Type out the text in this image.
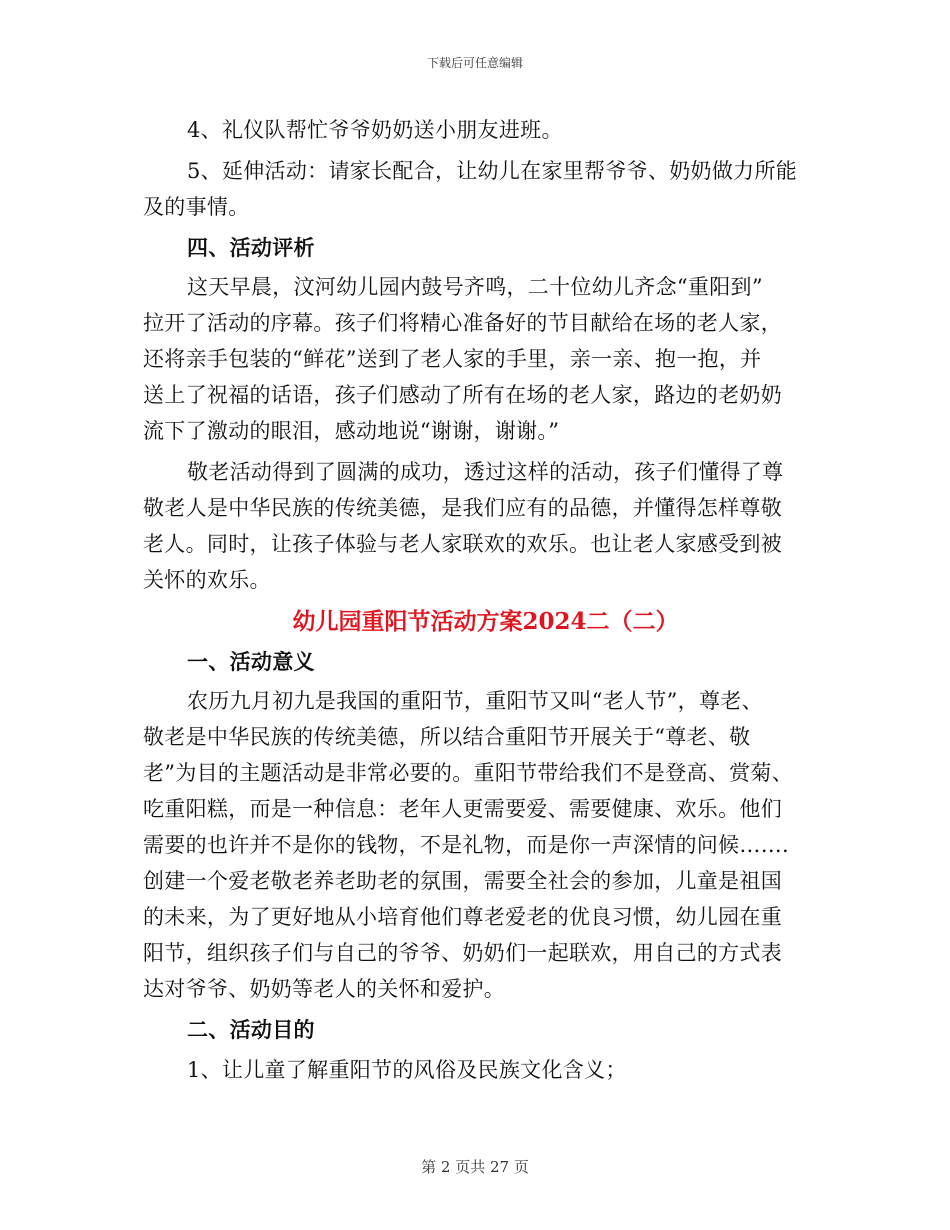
下载后可任意编辑

4、礼仪队帮忙爷爷奶奶送小朋友进班。

5、延伸活动：请家长配合，让幼儿在家里帮爷爷、奶奶做力所能

及的事情。

四、活动评析

这天早晨，汶河幼儿园内鼓号齐鸣，二十位幼儿齐念“重阳到”

拉开了活动的序幕。孩子们将精心准备好的节目献给在场的老人家，

还将亲手包装的“鲜花”送到了老人家的手里，亲一亲、抱一抱，并

送上了祝福的话语，孩子们感动了所有在场的老人家，路边的老奶奶

流下了激动的眼泪，感动地说“谢谢，谢谢。”

敬老活动得到了圆满的成功，透过这样的活动，孩子们懂得了尊

敬老人是中华民族的传统美德，是我们应有的品德，并懂得怎样尊敬

老人。同时，让孩子体验与老人家联欢的欢乐。也让老人家感受到被

关怀的欢乐。

幼儿园重阳节活动方案2024二（二）

一、活动意义

农历九月初九是我国的重阳节，重阳节又叫“老人节”，尊老、

敬老是中华民族的传统美德，所以结合重阳节开展关于“尊老、敬

老”为目的主题活动是非常必要的。重阳节带给我们不是登高、赏菊、

吃重阳糕，而是一种信息：老年人更需要爱、需要健康、欢乐。他们

需要的也许并不是你的钱物，不是礼物，而是你一声深情的问候…….

创建一个爱老敬老养老助老的氛围，需要全社会的参加，儿童是祖国

的未来，为了更好地从小培育他们尊老爱老的优良习惯，幼儿园在重

阳节，组织孩子们与自己的爷爷、奶奶们一起联欢，用自己的方式表

达对爷爷、奶奶等老人的关怀和爱护。

二、活动目的

1、让儿童了解重阳节的风俗及民族文化含义；

第 2 页共 27 页
